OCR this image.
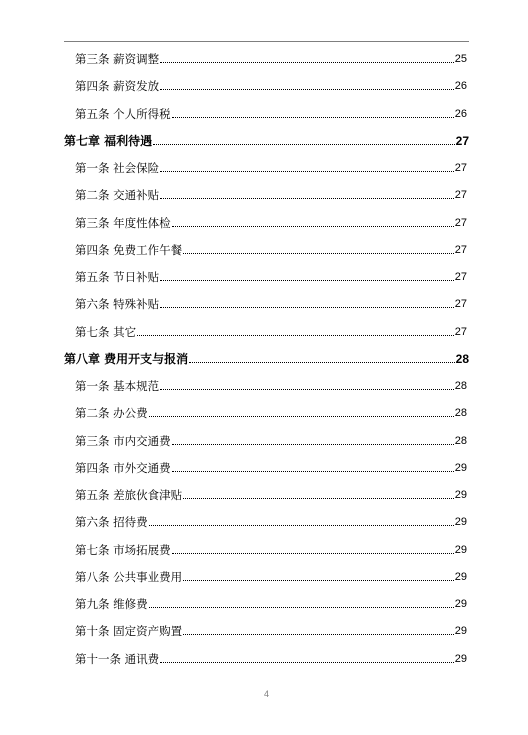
第三条 薪资调整	25
第四条 薪资发放	26
第五条 个人所得税	26
第七章 福利待遇	27
第一条 社会保险	27
第二条 交通补贴	27
第三条 年度性体检	27
第四条 免费工作午餐	27
第五条 节日补贴	27
第六条 特殊补贴	27
第七条 其它	27
第八章 费用开支与报消	28
第一条 基本规范	28
第二条 办公费	28
第三条 市内交通费	28
第四条 市外交通费	29
第五条 差旅伙食津贴	29
第六条 招待费	29
第七条 市场拓展费	29
第八条 公共事业费用	29
第九条 维修费	29
第十条 固定资产购置	29
第十一条 通讯费	29
4
